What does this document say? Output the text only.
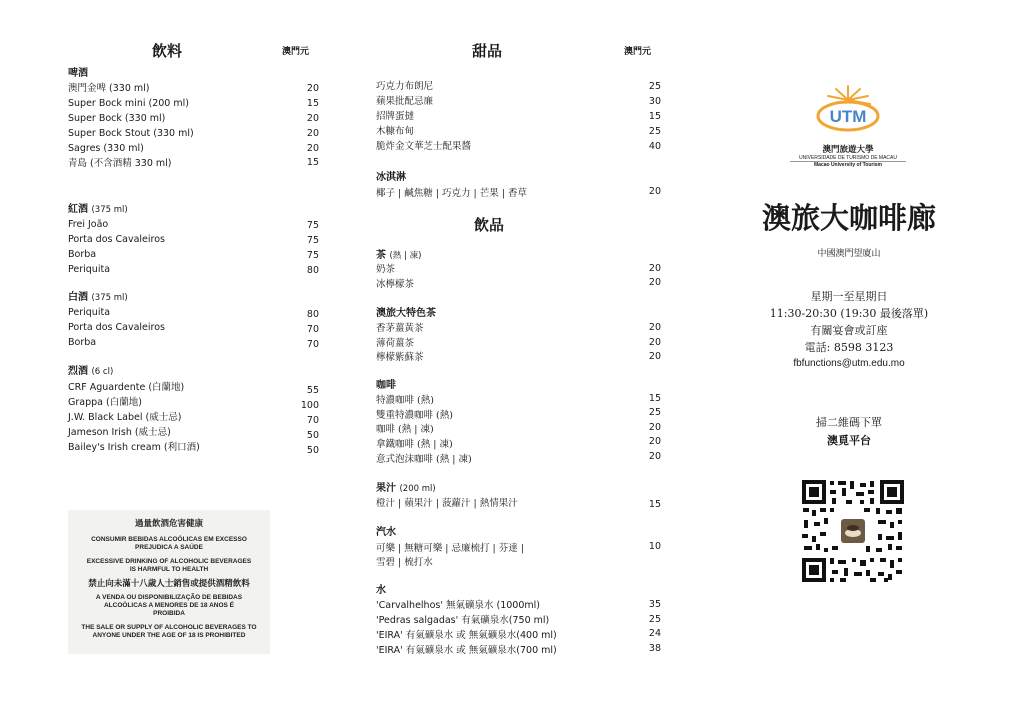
飲料	澳門元
啤酒
澳門金啤 (330 ml)	20
Super Bock mini (200 ml)	15
Super Bock (330 ml)	20
Super Bock Stout (330 ml)	20
Sagres (330 ml)	20
青島 (不含酒精 330 ml)	15
紅酒 (375 ml)
Frei João	75
Porta dos Cavaleiros	75
Borba	75
Periquita	80
白酒 (375 ml)
Periquita	80
Porta dos Cavaleiros	70
Borba	70
烈酒 (6 cl)
CRF Aguardente (白蘭地)	55
Grappa (白蘭地)	100
J.W. Black Label (威士忌)	70
Jameson Irish (威士忌)	50
Bailey's Irish cream (利口酒)	50
過量飲酒危害健康
CONSUMIR BEBIDAS ALCOÓLICAS EM EXCESSO PREJUDICA A SAÚDE
EXCESSIVE DRINKING OF ALCOHOLIC BEVERAGES IS HARMFUL TO HEALTH
禁止向未滿十八歲人士銷售或提供酒精飲料
A VENDA OU DISPONIBILIZAÇÃO DE BEBIDAS ALCOÓLICAS A MENORES DE 18 ANOS É PROIBIDA
THE SALE OR SUPPLY OF ALCOHOLIC BEVERAGES TO ANYONE UNDER THE AGE OF 18 IS PROHIBITED
甜品	澳門元
巧克力布朗尼	25
蘋果批配忌廉	30
招牌蛋撻	15
木糠布甸	25
脆炸金文華芝士配果醬	40
冰淇淋
椰子 | 鹹焦糖 | 巧克力 | 芒果 | 香草	20
飲品
茶 (熱 | 凍)
奶茶	20
冰檸檬茶	20
澳旅大特色茶
香茅薑黃茶	20
薄荷薑茶	20
檸檬紫蘇茶	20
咖啡
特濃咖啡 (熱)	15
雙重特濃咖啡 (熱)	25
咖啡 (熱 | 凍)	20
拿鐵咖啡 (熱 | 凍)	20
意式泡沫咖啡 (熱 | 凍)	20
果汁 (200 ml)
橙汁 | 蘋果汁 | 菠蘿汁 | 熱情果汁	15
汽水
可樂 | 無糖可樂 | 忌廉梳打 | 芬達 |
雪碧 | 梳打水
10
水
'Carvalhelhos' 無氣礦泉水 (1000ml)	35
'Pedras salgadas' 有氣礦泉水(750 ml)	25
'EIRA' 有氣礦泉水 或 無氣礦泉水(400 ml)	24
'EIRA' 有氣礦泉水 或 無氣礦泉水(700 ml)	38
UTM
澳門旅遊大學
UNIVERSIDADE DE TURISMO DE MACAU
Macao University of Tourism
澳旅大咖啡廊
中國澳門望廈山
星期一至星期日
11:30-20:30 (19:30 最後落單)
有關宴會或訂座
電話: 8598 3123
fbfunctions@utm.edu.mo
掃二維碼下單
澳覓平台
